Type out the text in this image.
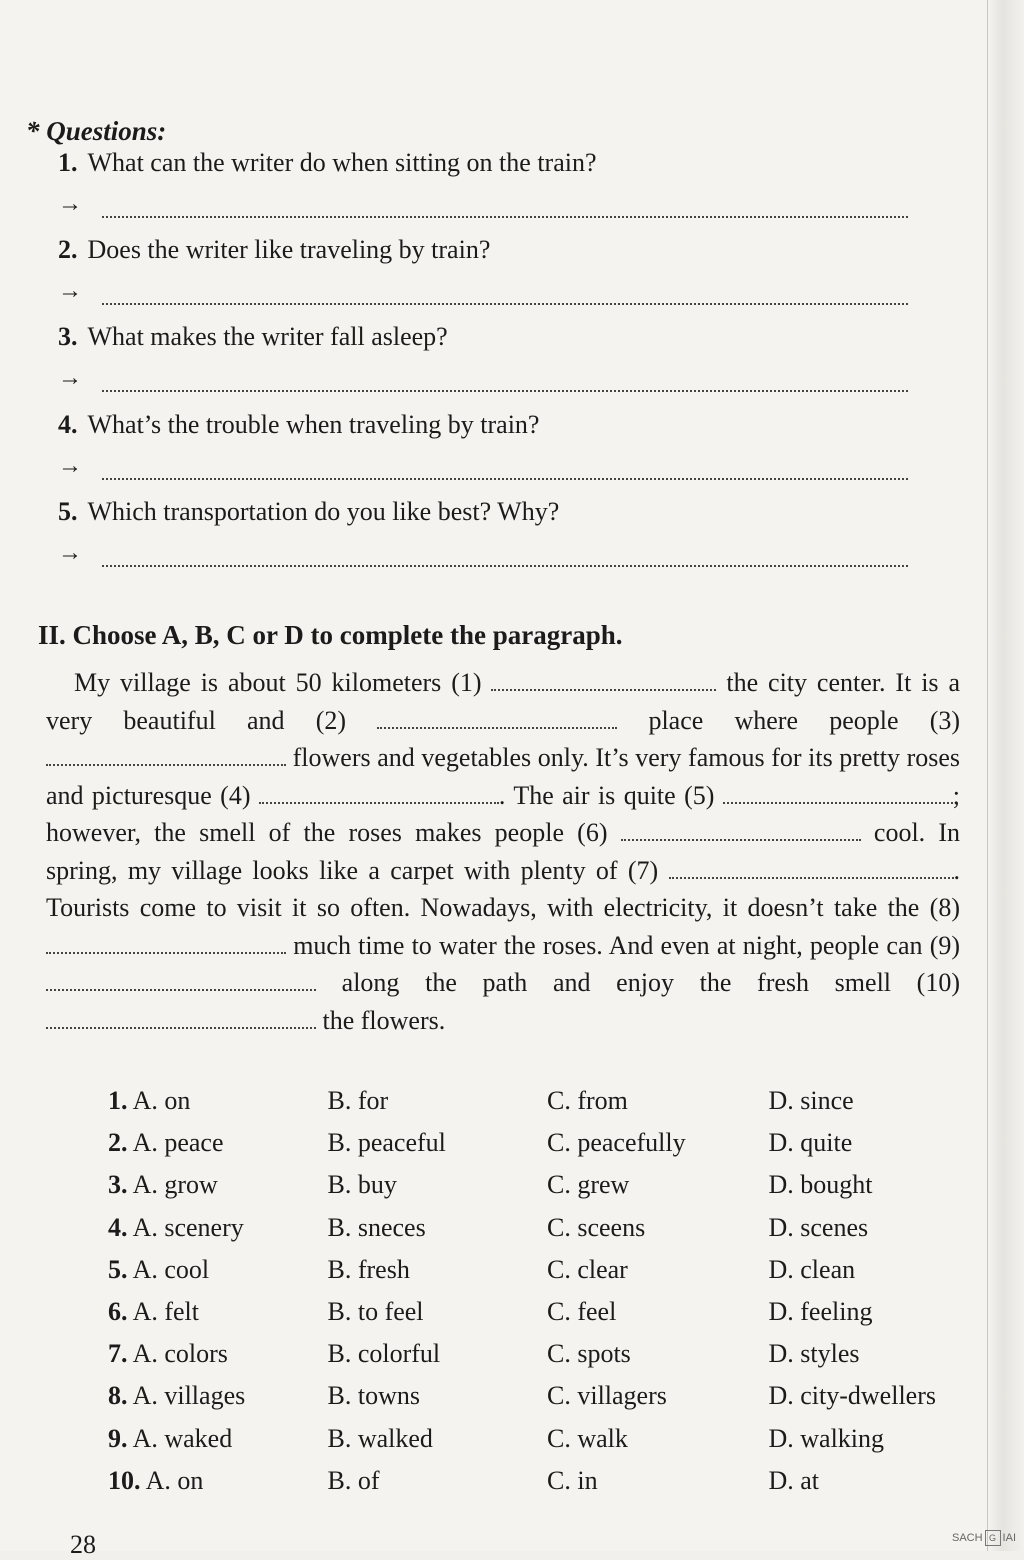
* Questions:
1. What can the writer do when sitting on the train?
→
2. Does the writer like traveling by train?
→
3. What makes the writer fall asleep?
→
4. What’s the trouble when traveling by train?
→
5. Which transportation do you like best? Why?
→
II. Choose A, B, C or D to complete the paragraph.

My village is about 50 kilometers (1)	the city center. It is a very beautiful and (2)	place where people (3)  flowers and vegetables only. It’s very famous for its pretty roses and picturesque (4)	. The air is quite (5)	; however, the smell of the roses makes people (6)	cool. In spring, my village looks like a carpet with plenty of (7)	. Tourists come to visit it so often. Nowadays, with electricity, it doesn’t take the (8)  much time to water the roses. And even at night, people can (9)  along the path and enjoy the fresh smell (10)  the flowers.

1. A. on	B. for	C. from	D. since
2. A. peace	B. peaceful	C. peacefully	D. quite
3. A. grow	B. buy	C. grew	D. bought
4. A. scenery	B. sneces	C. sceens	D. scenes
5. A. cool	B. fresh	C. clear	D. clean
6. A. felt	B. to feel	C. feel	D. feeling
7. A. colors	B. colorful	C. spots	D. styles
8. A. villages	B. towns	C. villagers	D. city-dwellers
9. A. waked	B. walked	C. walk	D. walking
10. A. on	B. of	C. in	D. at
28	SACH G IAI
